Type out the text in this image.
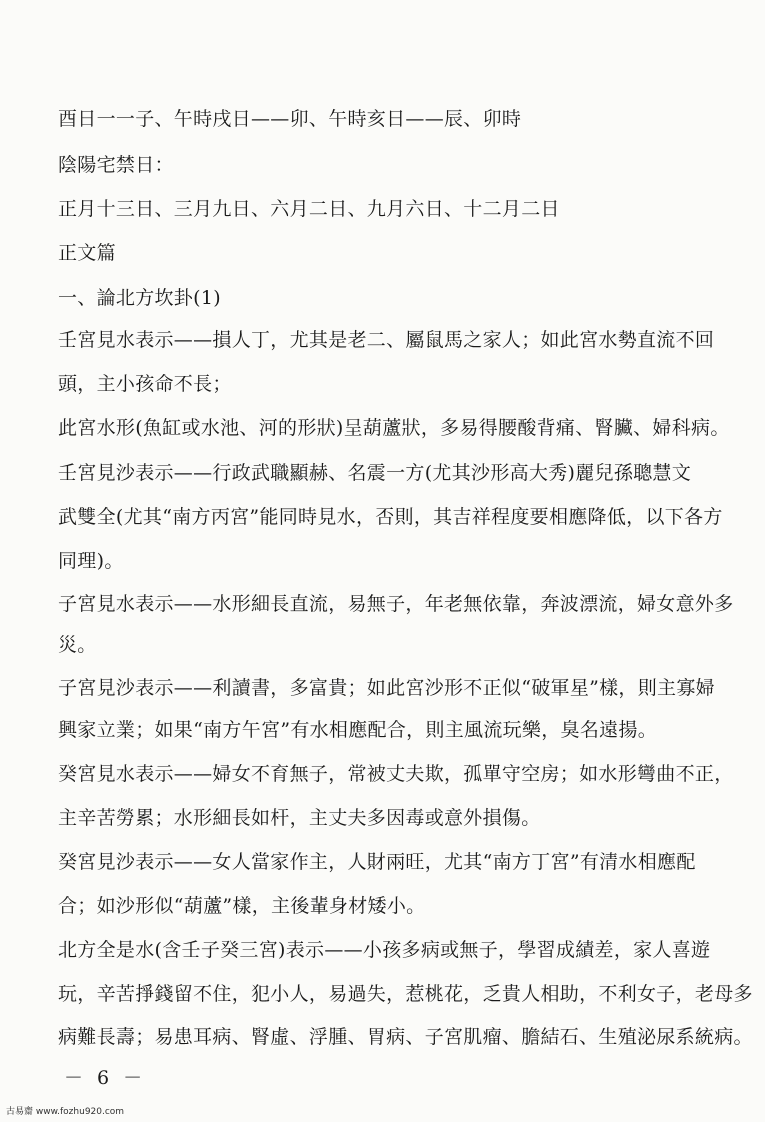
酉日一一子、午時戌日——卯、午時亥日——辰、卯時
陰陽宅禁日：
正月十三日、三月九日、六月二日、九月六日、十二月二日
正文篇
一、論北方坎卦(1)
壬宮見水表示——損人丁，尤其是老二、屬鼠馬之家人；如此宮水勢直流不回
頭，主小孩命不長；
此宮水形(魚缸或水池、河的形狀)呈葫蘆狀，多易得腰酸背痛、腎臟、婦科病。
壬宮見沙表示——行政武職顯赫、名震一方(尤其沙形高大秀)麗兒孫聰慧文
武雙全(尤其“南方丙宮”能同時見水，否則，其吉祥程度要相應降低，以下各方
同理)。
子宮見水表示——水形細長直流，易無子，年老無依靠，奔波漂流，婦女意外多
災。
子宮見沙表示——利讀書，多富貴；如此宮沙形不正似“破軍星”樣，則主寡婦
興家立業；如果“南方午宮”有水相應配合，則主風流玩樂，臭名遠揚。
癸宮見水表示——婦女不育無子，常被丈夫欺，孤單守空房；如水形彎曲不正，
主辛苦勞累；水形細長如杆，主丈夫多因毒或意外損傷。
癸宮見沙表示——女人當家作主，人財兩旺，尤其“南方丁宮”有清水相應配
合；如沙形似“葫蘆”樣，主後輩身材矮小。
北方全是水(含壬子癸三宮)表示——小孩多病或無子，學習成績差，家人喜遊
玩，辛苦掙錢留不住，犯小人，易過失，惹桃花，乏貴人相助，不利女子，老母多
病難長壽；易患耳病、腎虛、浮腫、胃病、子宮肌瘤、膽結石、生殖泌尿系統病。
－ 6 －
古易齋 www.fozhu920.com
